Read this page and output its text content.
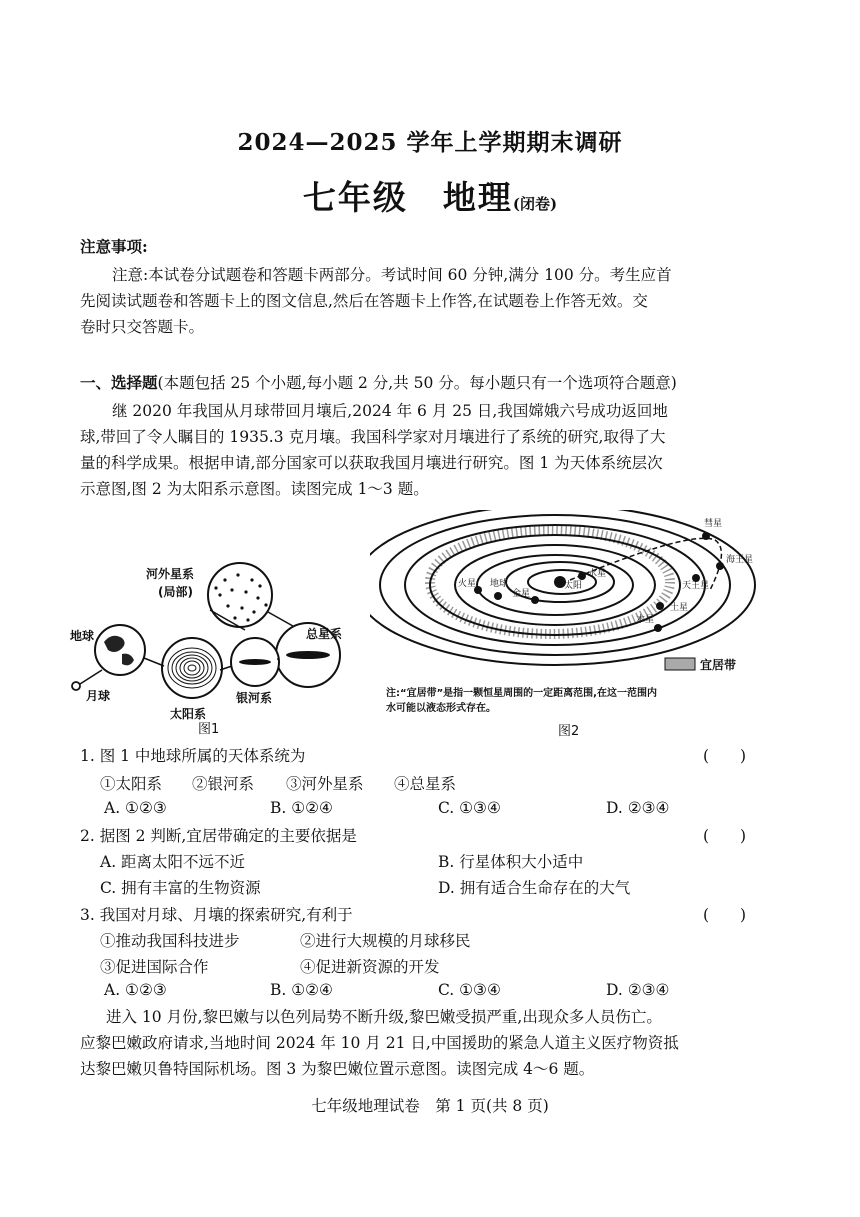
2024—2025 学年上学期期末调研
七年级　地理(闭卷)
注意事项:
注意:本试卷分试题卷和答题卡两部分。考试时间 60 分钟,满分 100 分。考生应首
先阅读试题卷和答题卡上的图文信息,然后在答题卡上作答,在试题卷上作答无效。交
卷时只交答题卡。
一、选择题(本题包括 25 个小题,每小题 2 分,共 50 分。每小题只有一个选项符合题意)
继 2020 年我国从月球带回月壤后,2024 年 6 月 25 日,我国嫦娥六号成功返回地
球,带回了令人瞩目的 1935.3 克月壤。我国科学家对月壤进行了系统的研究,取得了大
量的科学成果。根据申请,部分国家可以获取我国月壤进行研究。图 1 为天体系统层次
示意图,图 2 为太阳系示意图。读图完成 1～3 题。
河外星系
(局部)
地球
月球
太阳系
银河系
总星系
图1
火星 地球
金星
水星
太阳
木星
土星
天王星
海王星
彗星
宜居带
注:“宜居带”是指一颗恒星周围的一定距离范围,在这一范围内
水可能以液态形式存在。
图2
1. 图 1 中地球所属的天体系统为	(　　)
①太阳系 ②银河系 ③河外星系 ④总星系
A. ①②③	B. ①②④	C. ①③④	D. ②③④
2. 据图 2 判断,宜居带确定的主要依据是	(　　)
A. 距离太阳不远不近	B. 行星体积大小适中
C. 拥有丰富的生物资源	D. 拥有适合生命存在的大气
3. 我国对月球、月壤的探索研究,有利于	(　　)
①推动我国科技进步	②进行大规模的月球移民
③促进国际合作	④促进新资源的开发
A. ①②③	B. ①②④	C. ①③④	D. ②③④
进入 10 月份,黎巴嫩与以色列局势不断升级,黎巴嫩受损严重,出现众多人员伤亡。
应黎巴嫩政府请求,当地时间 2024 年 10 月 21 日,中国援助的紧急人道主义医疗物资抵
达黎巴嫩贝鲁特国际机场。图 3 为黎巴嫩位置示意图。读图完成 4～6 题。
七年级地理试卷　第 1 页(共 8 页)
